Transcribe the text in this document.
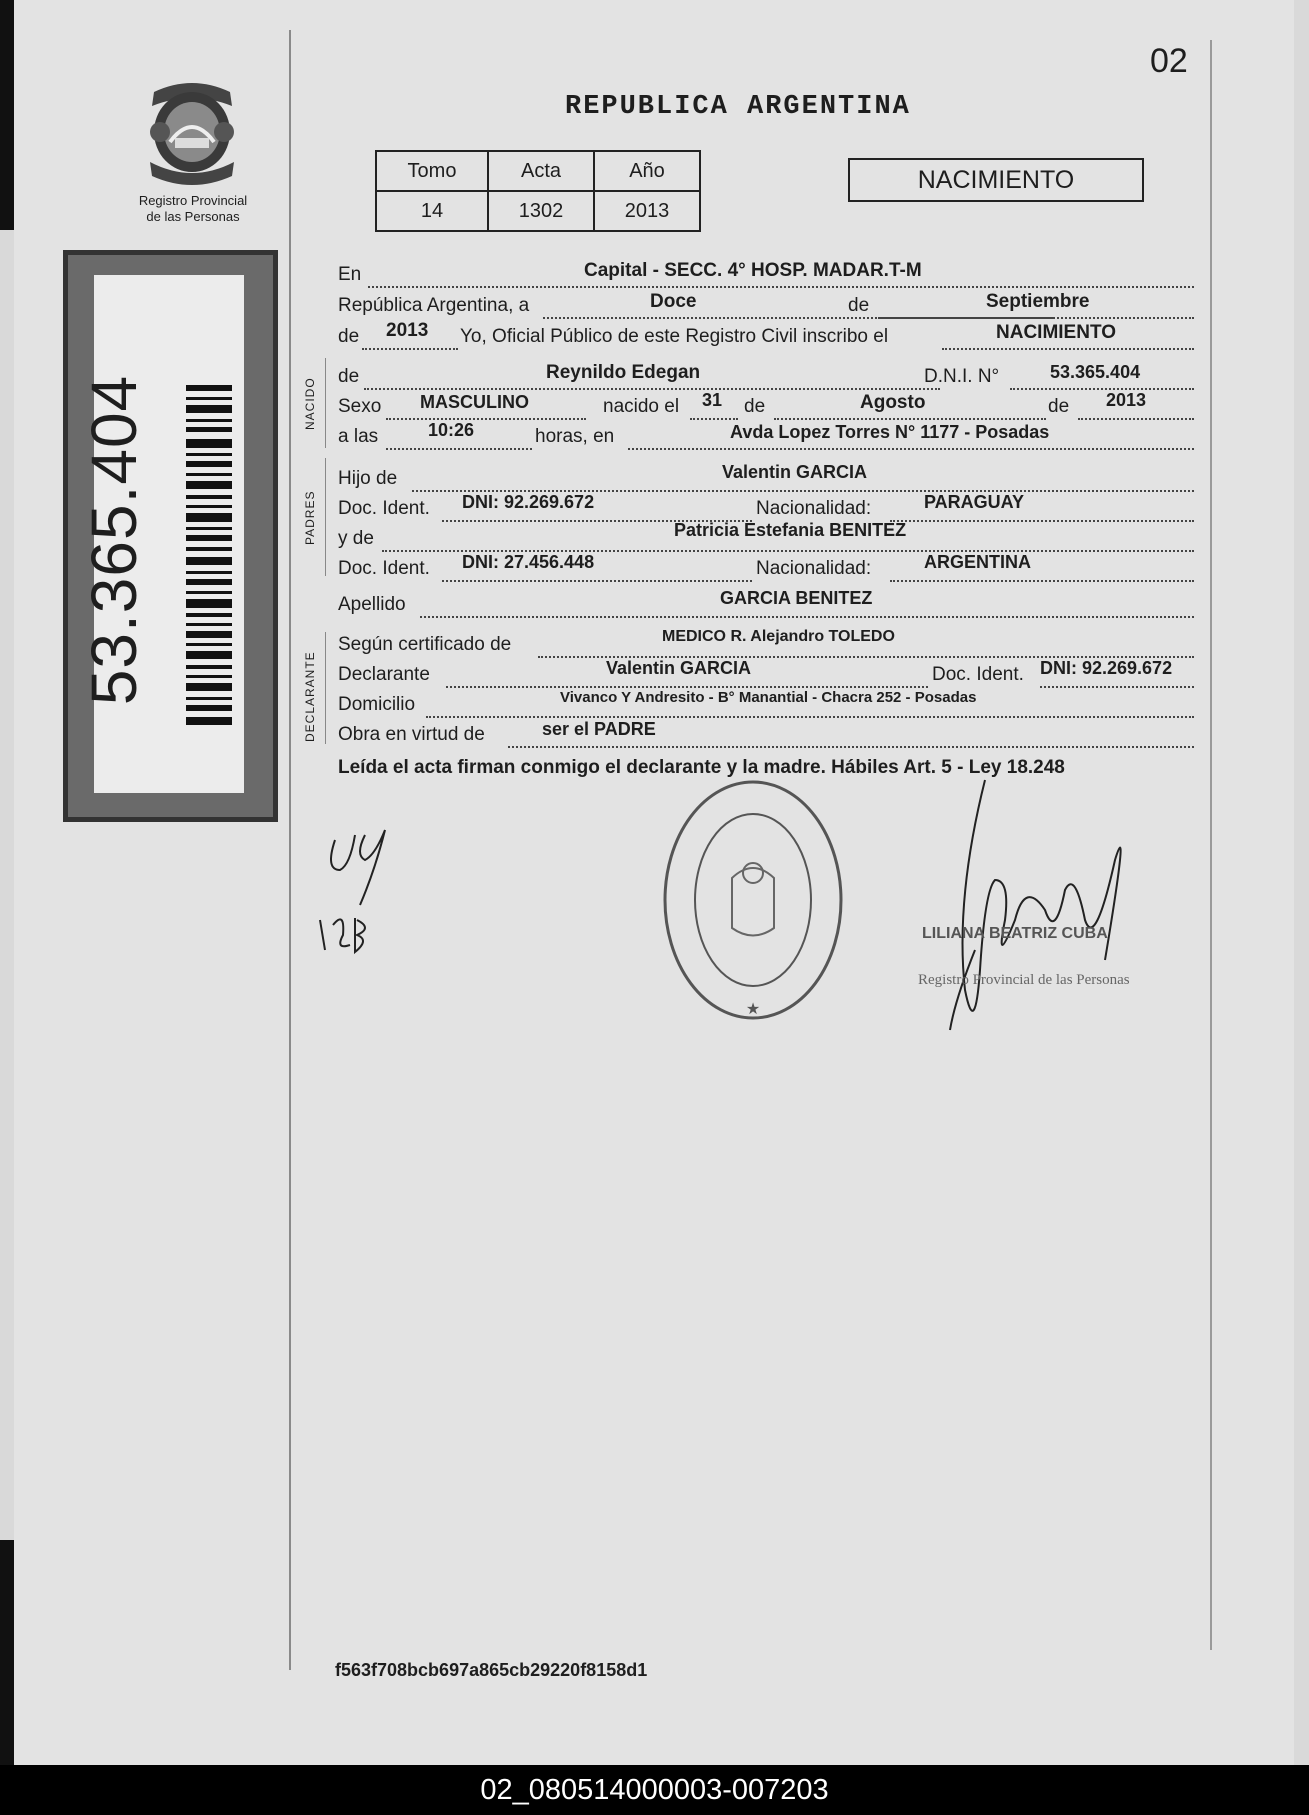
02
REPUBLICA ARGENTINA
Registro Provincial
de las Personas
Tomo	Acta	Año
14	1302	2013
NACIMIENTO
53.365.404	NACIDO
PADRES
DECLARANTE
En	Capital - SECC. 4° HOSP. MADAR.T-M
República Argentina, a	Doce	de	Septiembre
de 2013 Yo, Oficial Público de este Registro Civil inscribo el	NACIMIENTO
de	Reynildo Edegan	D.N.I. N°	53.365.404
Sexo MASCULINO	nacido el 31 de	Agosto	de 2013
a las	10:26	horas, en	Avda Lopez Torres N° 1177 - Posadas
Hijo de	Valentin GARCIA
Doc. Ident. DNI: 92.269.672	Nacionalidad:	PARAGUAY
y de	Patricia Estefania BENITEZ
Doc. Ident. DNI: 27.456.448	Nacionalidad:	ARGENTINA
Apellido	GARCIA BENITEZ
Según certificado de	MEDICO R. Alejandro TOLEDO
Declarante	Valentin GARCIA	Doc. Ident. DNI: 92.269.672
Domicilio	Vivanco Y Andresito - B° Manantial - Chacra 252 - Posadas
Obra en virtud de	ser el PADRE
Leída el acta firman conmigo el declarante y la madre. Hábiles Art. 5 - Ley 18.248
★
LILIANA BEATRIZ CUBA
Registro Provincial de las Personas
f563f708bcb697a865cb29220f8158d1
02_080514000003-007203
